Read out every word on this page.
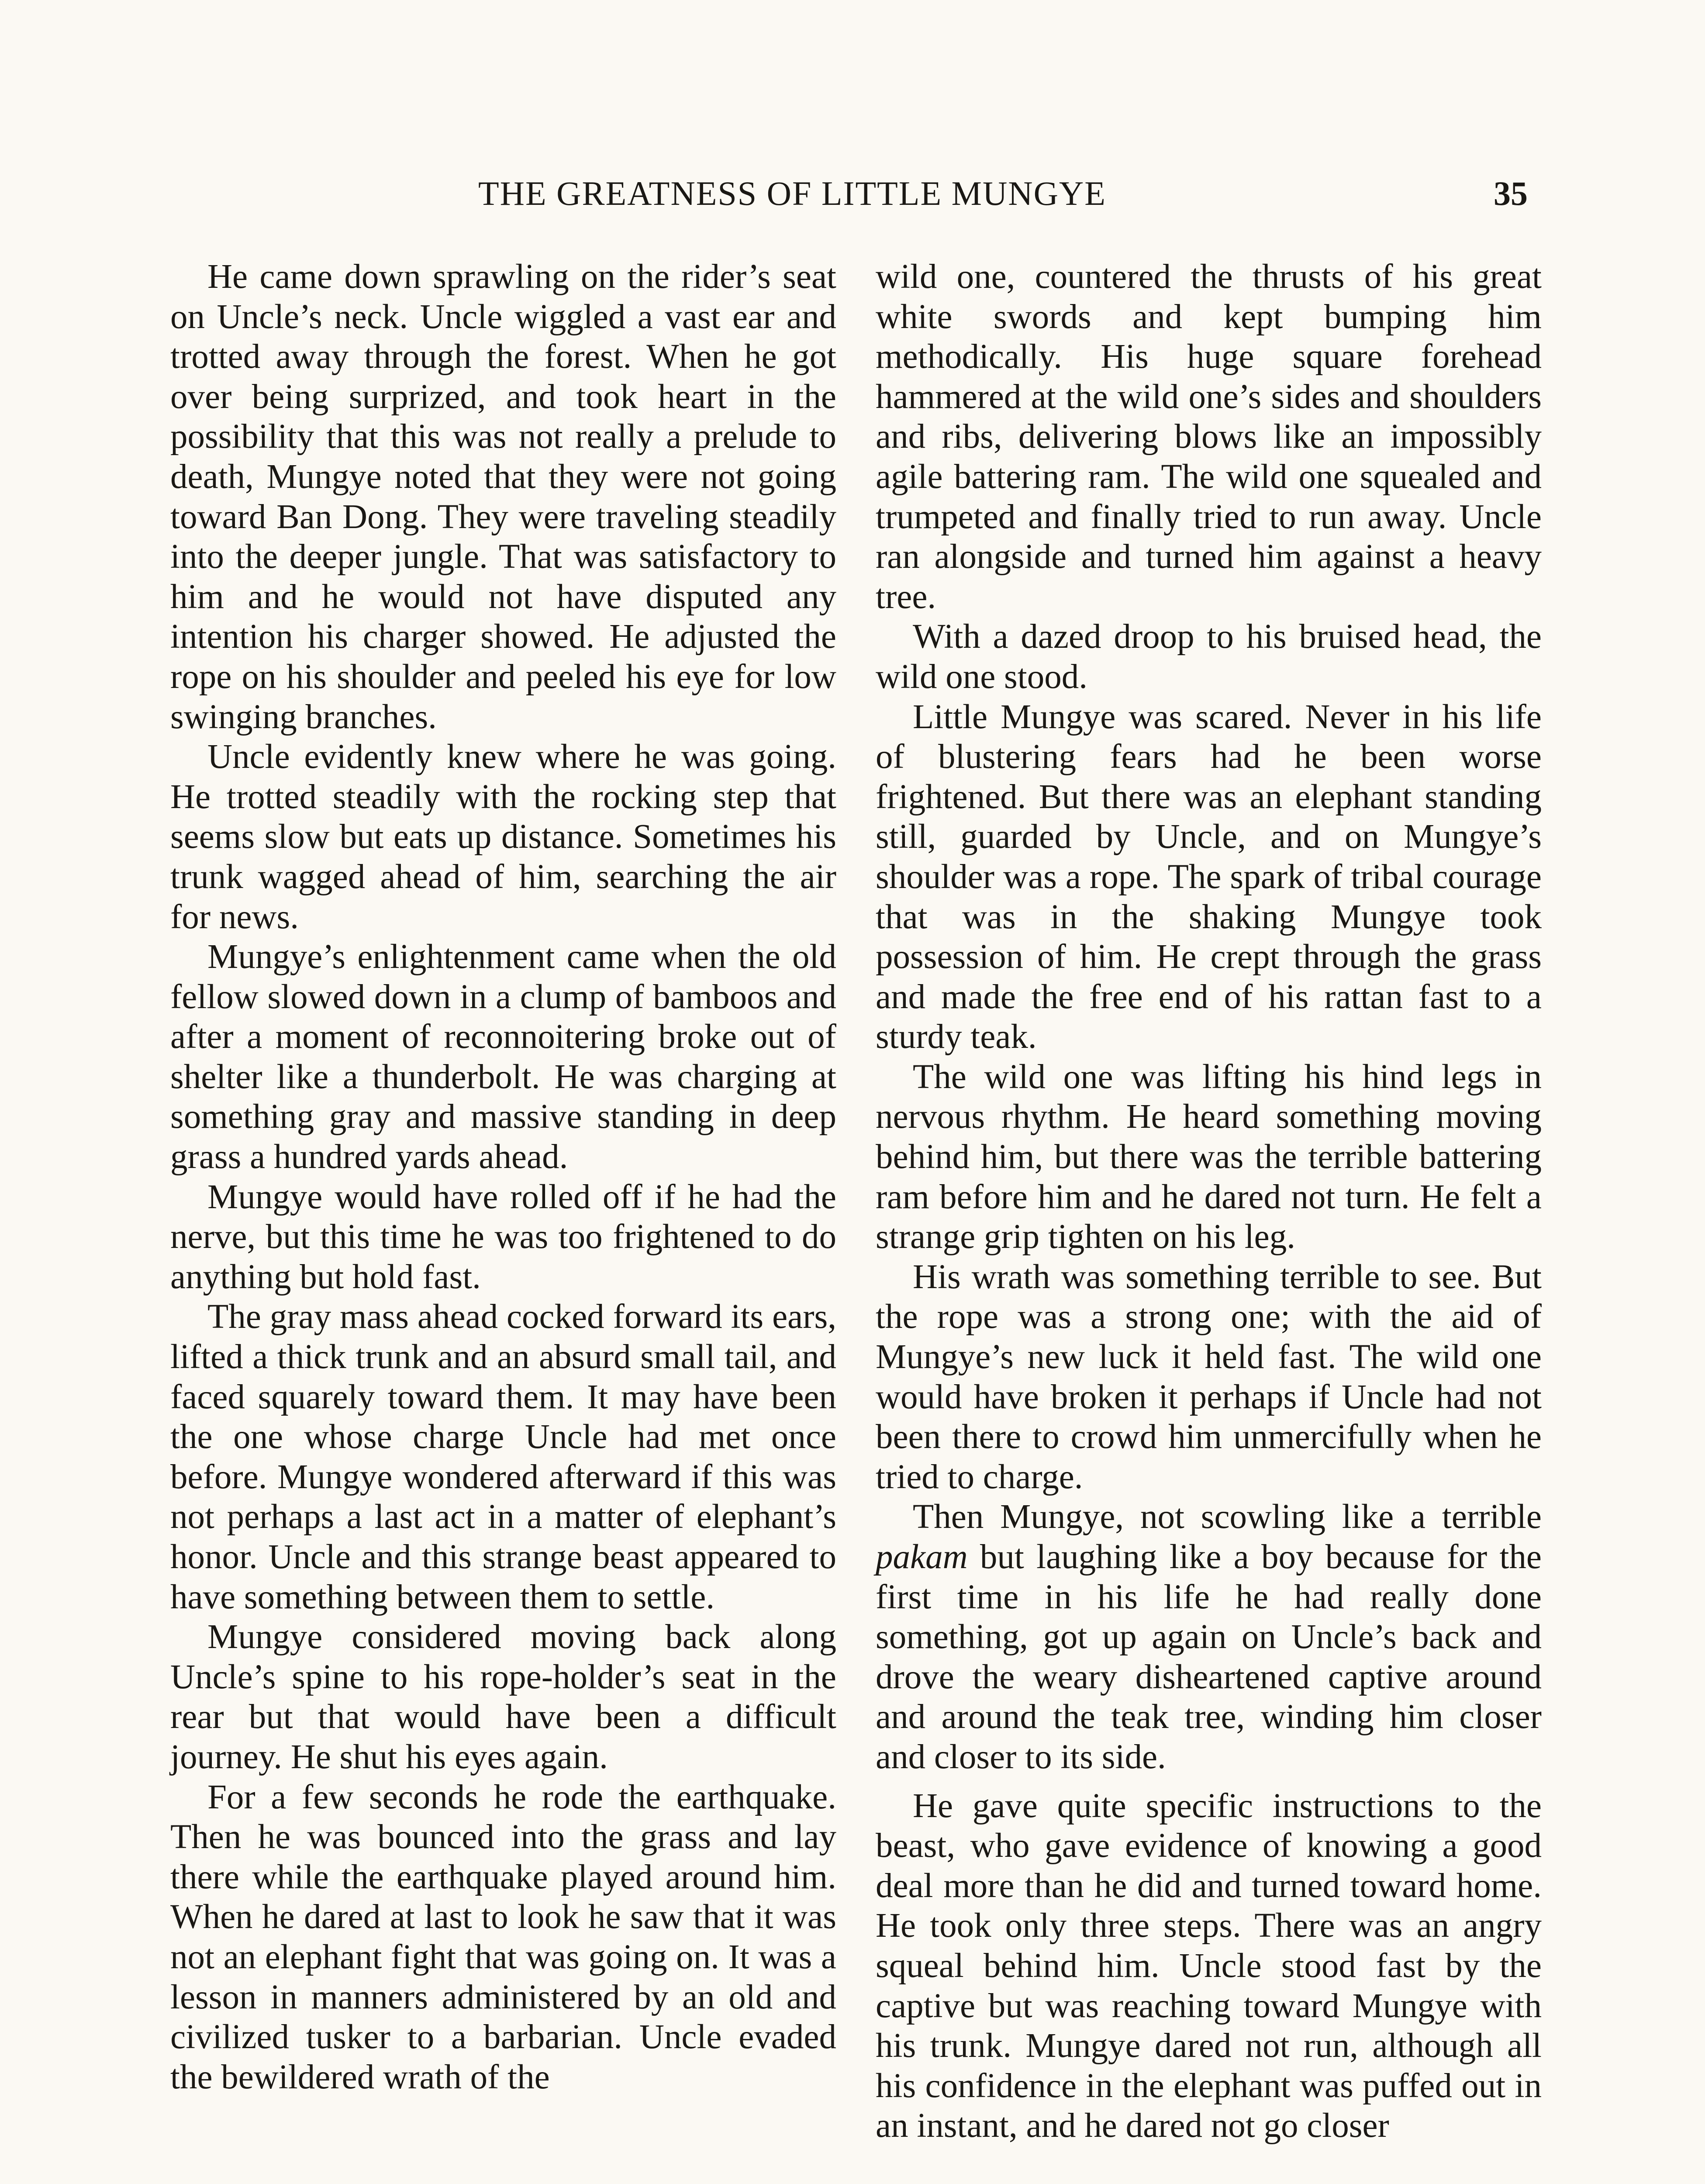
THE GREATNESS OF LITTLE MUNGYE	35

He came down sprawling on the rider’s seat on Uncle’s neck. Uncle wiggled a vast ear and trotted away through the forest. When he got over being surprized, and took heart in the possibility that this was not really a prelude to death, Mungye noted that they were not going toward Ban Dong. They were traveling steadily into the deeper jungle. That was satisfactory to him and he would not have disputed any intention his charger showed. He adjusted the rope on his shoulder and peeled his eye for low swinging branches.

Uncle evidently knew where he was going. He trotted steadily with the rocking step that seems slow but eats up distance. Sometimes his trunk wagged ahead of him, searching the air for news.

Mungye’s enlightenment came when the old fellow slowed down in a clump of bamboos and after a moment of reconnoitering broke out of shelter like a thunderbolt. He was charging at something gray and massive standing in deep grass a hundred yards ahead.

Mungye would have rolled off if he had the nerve, but this time he was too frightened to do anything but hold fast.

The gray mass ahead cocked forward its ears, lifted a thick trunk and an absurd small tail, and faced squarely toward them. It may have been the one whose charge Uncle had met once before. Mungye wondered afterward if this was not perhaps a last act in a matter of elephant’s honor. Uncle and this strange beast appeared to have something between them to settle.

Mungye considered moving back along Uncle’s spine to his rope-holder’s seat in the rear but that would have been a difficult journey. He shut his eyes again.

For a few seconds he rode the earthquake. Then he was bounced into the grass and lay there while the earthquake played around him. When he dared at last to look he saw that it was not an elephant fight that was going on. It was a lesson in manners administered by an old and civilized tusker to a barbarian. Uncle evaded the bewildered wrath of the

wild one, countered the thrusts of his great white swords and kept bumping him methodically. His huge square forehead hammered at the wild one’s sides and shoulders and ribs, delivering blows like an impossibly agile battering ram. The wild one squealed and trumpeted and finally tried to run away. Uncle ran alongside and turned him against a heavy tree.

With a dazed droop to his bruised head, the wild one stood.

Little Mungye was scared. Never in his life of blustering fears had he been worse frightened. But there was an elephant standing still, guarded by Uncle, and on Mungye’s shoulder was a rope. The spark of tribal courage that was in the shaking Mungye took possession of him. He crept through the grass and made the free end of his rattan fast to a sturdy teak.

The wild one was lifting his hind legs in nervous rhythm. He heard something moving behind him, but there was the terrible battering ram before him and he dared not turn. He felt a strange grip tighten on his leg.

His wrath was something terrible to see. But the rope was a strong one; with the aid of Mungye’s new luck it held fast. The wild one would have broken it perhaps if Uncle had not been there to crowd him unmercifully when he tried to charge.

Then Mungye, not scowling like a terrible pakam but laughing like a boy because for the first time in his life he had really done something, got up again on Uncle’s back and drove the weary disheartened captive around and around the teak tree, winding him closer and closer to its side.

He gave quite specific instructions to the beast, who gave evidence of knowing a good deal more than he did and turned toward home. He took only three steps. There was an angry squeal behind him. Uncle stood fast by the captive but was reaching toward Mungye with his trunk. Mungye dared not run, although all his confidence in the elephant was puffed out in an instant, and he dared not go closer
